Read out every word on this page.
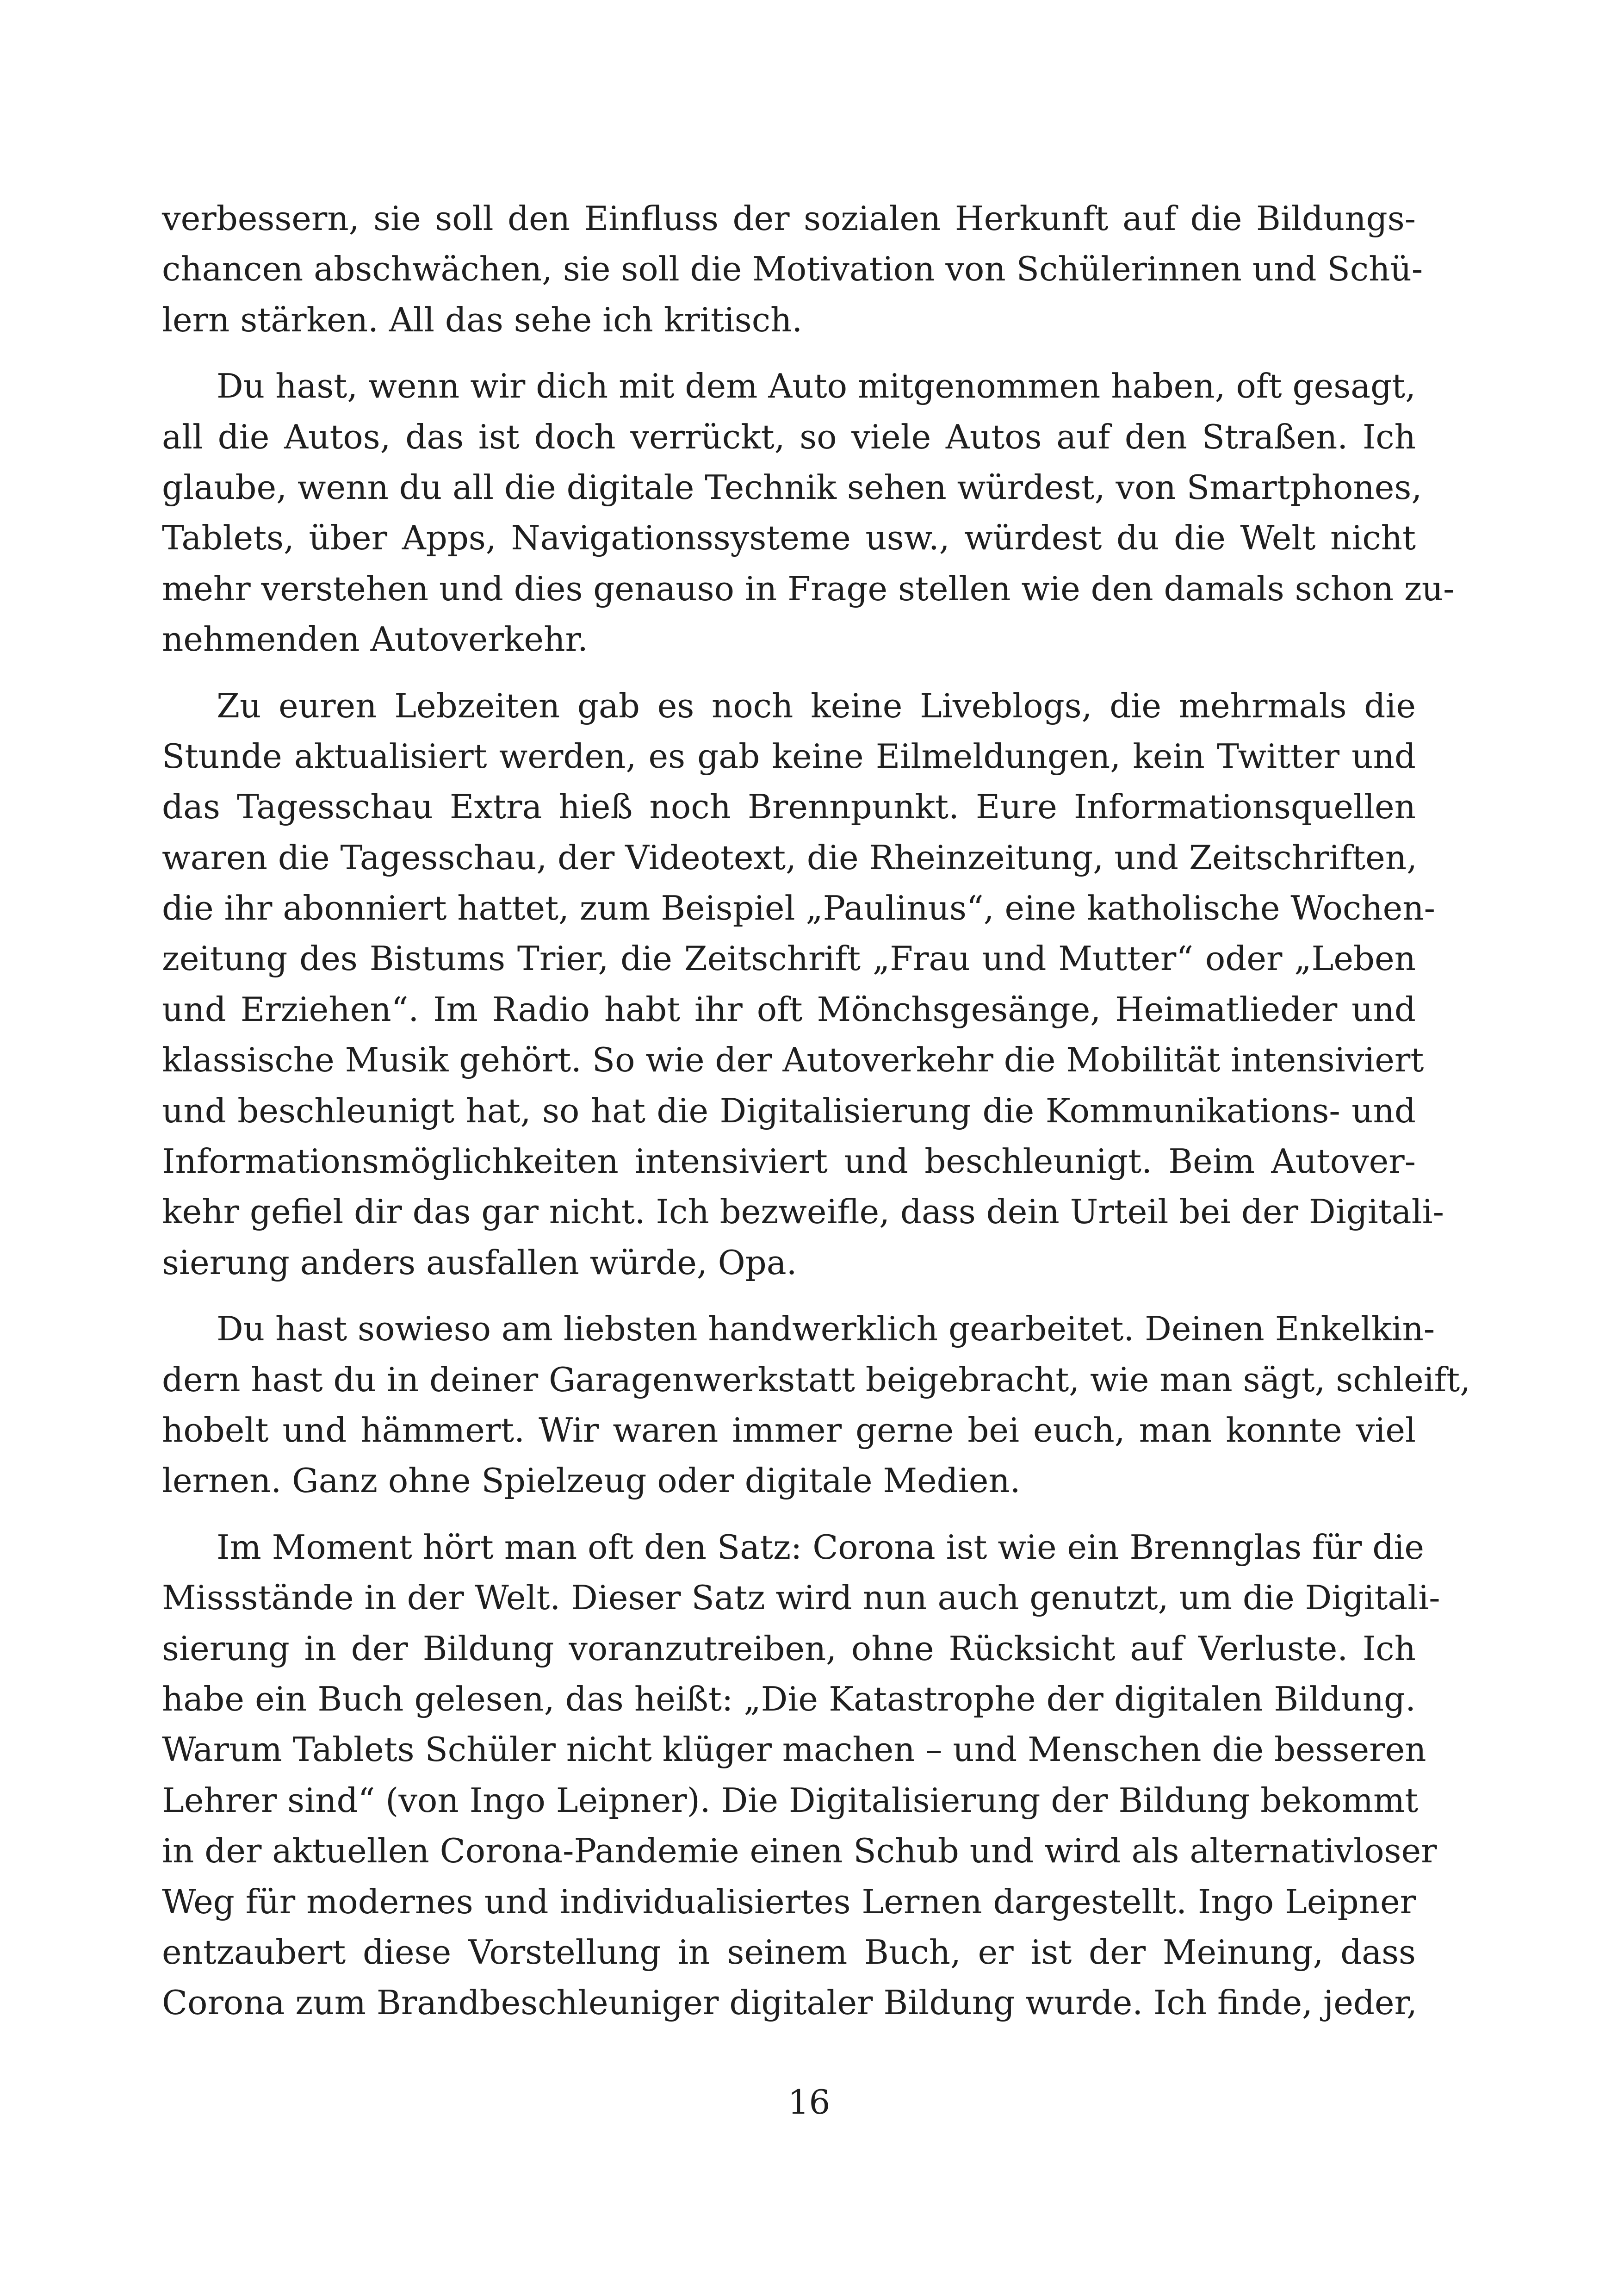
verbessern, sie soll den Einfluss der sozialen Herkunft auf die Bildungs-
chancen abschwächen, sie soll die Motivation von Schülerinnen und Schü-
lern stärken. All das sehe ich kritisch.
Du hast, wenn wir dich mit dem Auto mitgenommen haben, oft gesagt,
all die Autos, das ist doch verrückt, so viele Autos auf den Straßen. Ich
glaube, wenn du all die digitale Technik sehen würdest, von Smartphones,
Tablets, über Apps, Navigationssysteme usw., würdest du die Welt nicht
mehr verstehen und dies genauso in Frage stellen wie den damals schon zu-
nehmenden Autoverkehr.
Zu euren Lebzeiten gab es noch keine Liveblogs, die mehrmals die
Stunde aktualisiert werden, es gab keine Eilmeldungen, kein Twitter und
das Tagesschau Extra hieß noch Brennpunkt. Eure Informationsquellen
waren die Tagesschau, der Videotext, die Rheinzeitung, und Zeitschriften,
die ihr abonniert hattet, zum Beispiel „Paulinus“, eine katholische Wochen-
zeitung des Bistums Trier, die Zeitschrift „Frau und Mutter“ oder „Leben
und Erziehen“. Im Radio habt ihr oft Mönchsgesänge, Heimatlieder und
klassische Musik gehört. So wie der Autoverkehr die Mobilität intensiviert
und beschleunigt hat, so hat die Digitalisierung die Kommunikations- und
Informationsmöglichkeiten intensiviert und beschleunigt. Beim Autover-
kehr gefiel dir das gar nicht. Ich bezweifle, dass dein Urteil bei der Digitali-
sierung anders ausfallen würde, Opa.
Du hast sowieso am liebsten handwerklich gearbeitet. Deinen Enkelkin-
dern hast du in deiner Garagenwerkstatt beigebracht, wie man sägt, schleift,
hobelt und hämmert. Wir waren immer gerne bei euch, man konnte viel
lernen. Ganz ohne Spielzeug oder digitale Medien.
Im Moment hört man oft den Satz: Corona ist wie ein Brennglas für die
Missstände in der Welt. Dieser Satz wird nun auch genutzt, um die Digitali-
sierung in der Bildung voranzutreiben, ohne Rücksicht auf Verluste. Ich
habe ein Buch gelesen, das heißt: „Die Katastrophe der digitalen Bildung.
Warum Tablets Schüler nicht klüger machen – und Menschen die besseren
Lehrer sind“ (von Ingo Leipner). Die Digitalisierung der Bildung bekommt
in der aktuellen Corona-Pandemie einen Schub und wird als alternativloser
Weg für modernes und individualisiertes Lernen dargestellt. Ingo Leipner
entzaubert diese Vorstellung in seinem Buch, er ist der Meinung, dass
Corona zum Brandbeschleuniger digitaler Bildung wurde. Ich finde, jeder,
16
